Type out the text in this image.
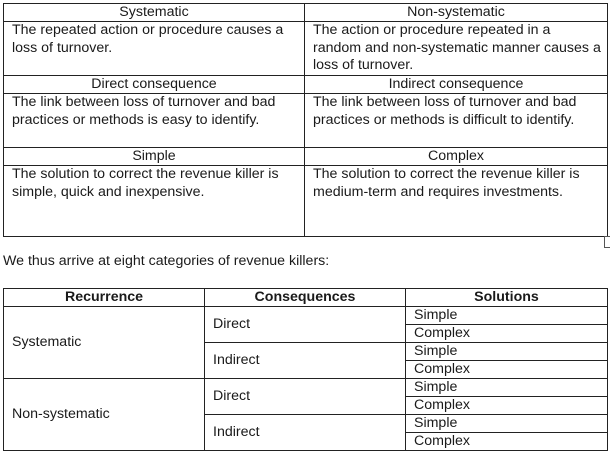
Systematic	Non-systematic
The repeated action or procedure causes a loss of turnover.	The action or procedure repeated in a random and non-systematic manner causes a loss of turnover.
Direct consequence	Indirect consequence
The link between loss of turnover and bad practices or methods is easy to identify.	The link between loss of turnover and bad practices or methods is difficult to identify.
Simple	Complex
The solution to correct the revenue killer is simple, quick and inexpensive.	The solution to correct the revenue killer is medium-term and requires investments.
We thus arrive at eight categories of revenue killers:
Recurrence	Consequences	Solutions
Systematic	Direct	Simple
		Complex
	Indirect	Simple
		Complex
Non-systematic	Direct	Simple
		Complex
	Indirect	Simple
		Complex
